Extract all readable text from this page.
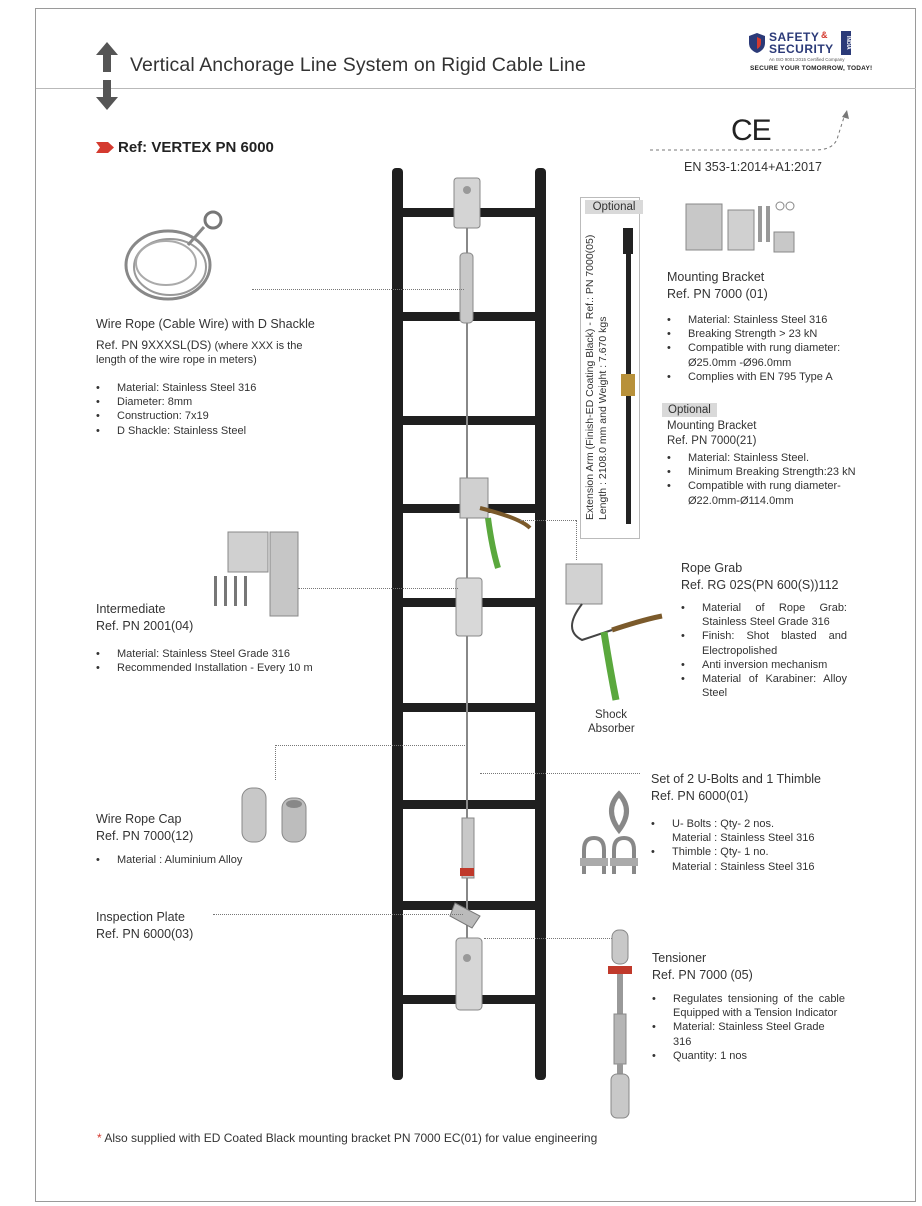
Vertical Anchorage Line System on Rigid Cable Line
SAFETY &
SECURITY	INDIA
An ISO 9001:2015 Certified Company
SECURE YOUR TOMORROW, TODAY!
Ref: VERTEX PN 6000
CE
EN 353-1:2014+A1:2017
Wire Rope (Cable Wire) with D Shackle
Ref. PN 9XXXSL(DS) (where XXX is the
length of the wire rope in meters)
• Material: Stainless Steel 316
• Diameter: 8mm
• Construction: 7x19
• D Shackle: Stainless Steel
Optional
Extension Arm (Finish-ED Coating Black) - Ref.: PN 7000(05) Length : 2108.0 mm and Weight : 7.670 kgs
Mounting Bracket
Ref. PN 7000 (01)
• Material: Stainless Steel 316
• Breaking Strength > 23 kN
• Compatible with rung diameter:
Ø25.0mm -Ø96.0mm
• Complies with EN 795 Type A
Optional
Mounting Bracket
Ref. PN 7000(21)
• Material: Stainless Steel.
• Minimum Breaking Strength:23 kN
• Compatible with rung diameter-
Ø22.0mm-Ø114.0mm
Intermediate
Ref. PN 2001(04)
• Material: Stainless Steel Grade 316
• Recommended Installation - Every 10 m
Rope Grab
Ref. RG 02S(PN 600(S))112
• Material of Rope Grab: Stainless Steel Grade 316
• Finish: Shot blasted and Electropolished
• Anti inversion mechanism
• Material of Karabiner: Alloy Steel
Shock
Absorber
Wire Rope Cap
Ref. PN 7000(12)
• Material : Aluminium Alloy
Set of 2 U-Bolts and 1 Thimble
Ref. PN 6000(01)
• U- Bolts : Qty- 2 nos.
Material : Stainless Steel 316
• Thimble : Qty- 1 no.
Material : Stainless Steel 316
Inspection Plate
Ref. PN 6000(03)
Tensioner
Ref. PN 7000 (05)
• Regulates tensioning of the cable Equipped with a Tension Indicator
• Material: Stainless Steel Grade 316
• Quantity: 1 nos
* Also supplied with ED Coated Black mounting bracket PN 7000 EC(01) for value engineering
